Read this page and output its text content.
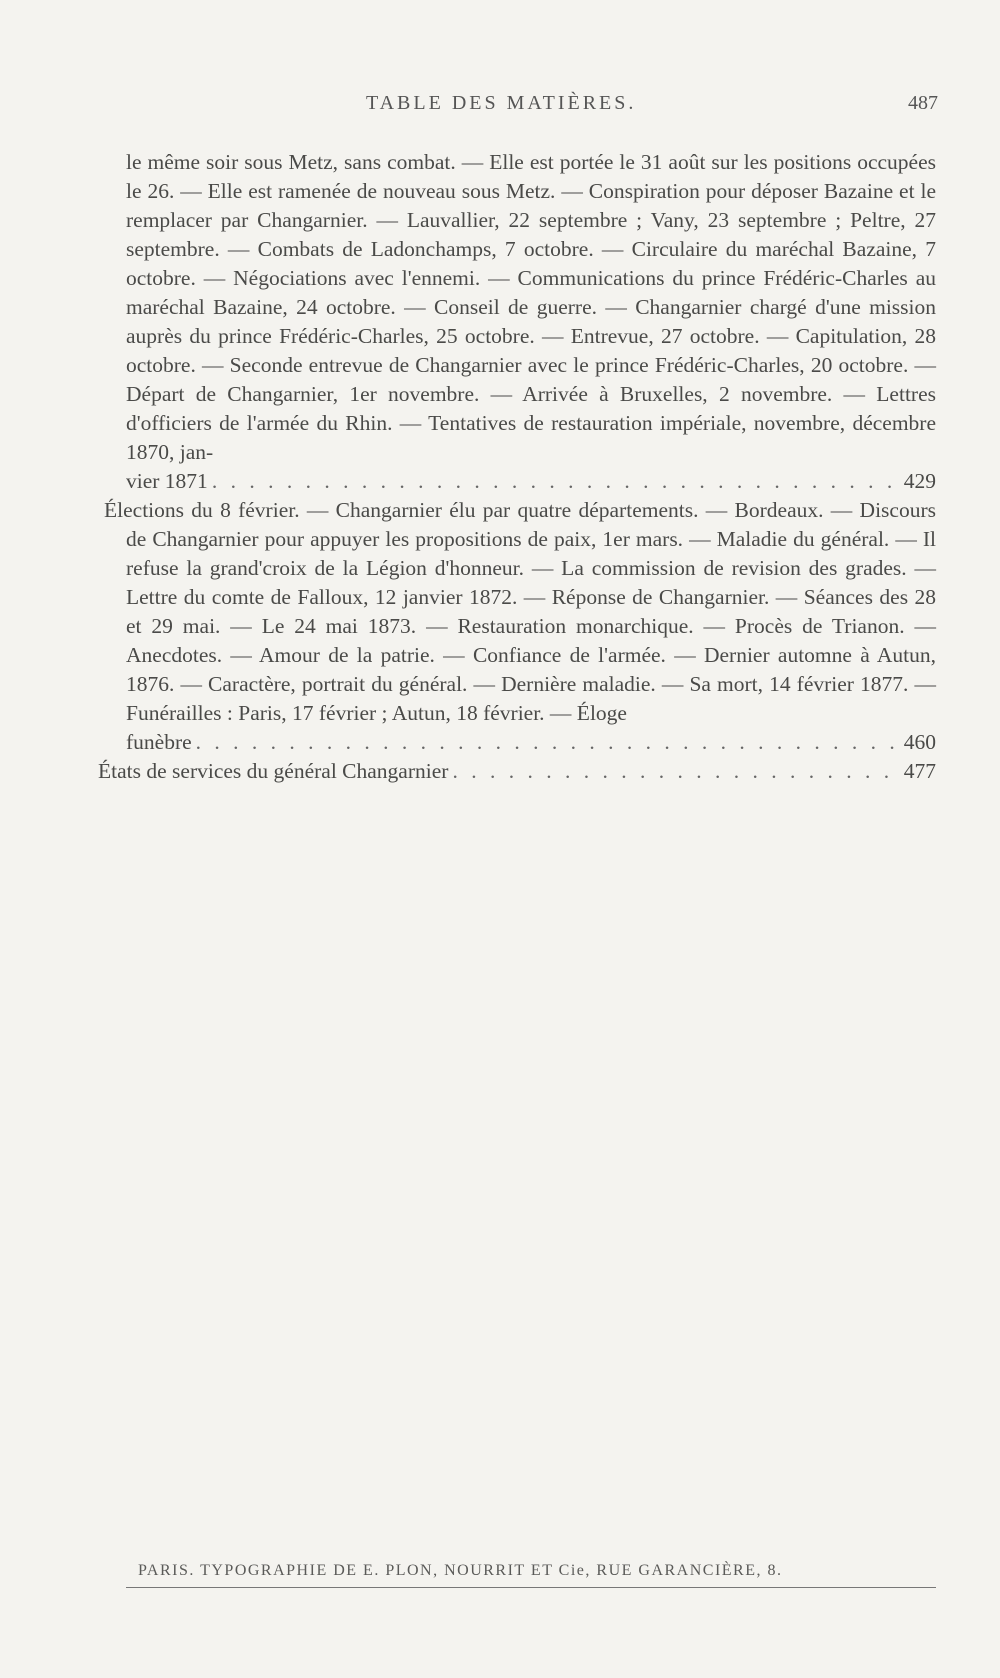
TABLE DES MATIÈRES.	487

le même soir sous Metz, sans combat. — Elle est portée le 31 août sur les positions occupées le 26. — Elle est ramenée de nouveau sous Metz. — Conspiration pour déposer Bazaine et le remplacer par Changarnier. — Lauvallier, 22 septembre ; Vany, 23 septembre ; Peltre, 27 septembre. — Combats de Ladonchamps, 7 octobre. — Circulaire du maréchal Bazaine, 7 octobre. — Négociations avec l'ennemi. — Communications du prince Frédéric-Charles au maréchal Bazaine, 24 octobre. — Conseil de guerre. — Changarnier chargé d'une mission auprès du prince Frédéric-Charles, 25 octobre. — Entrevue, 27 octobre. — Capitulation, 28 octobre. — Seconde entrevue de Changarnier avec le prince Frédéric-Charles, 20 octobre. — Départ de Changarnier, 1er novembre. — Arrivée à Bruxelles, 2 novembre. — Lettres d'officiers de l'armée du Rhin. — Tentatives de restauration impériale, novembre, décembre 1870, jan-

vier 1871 . . .	429

Élections du 8 février. — Changarnier élu par quatre départements. — Bordeaux. — Discours de Changarnier pour appuyer les propositions de paix, 1er mars. — Maladie du général. — Il refuse la grand'croix de la Légion d'honneur. — La commission de revision des grades. — Lettre du comte de Falloux, 12 janvier 1872. — Réponse de Changarnier. — Séances des 28 et 29 mai. — Le 24 mai 1873. — Restauration monarchique. — Procès de Trianon. — Anecdotes. — Amour de la patrie. — Confiance de l'armée. — Dernier automne à Autun, 1876. — Caractère, portrait du général. — Dernière maladie. — Sa mort, 14 février 1877. — Funérailles : Paris, 17 février ; Autun, 18 février. — Éloge

funèbre . . .	460
États de services du général Changarnier . . .	477
PARIS. TYPOGRAPHIE DE E. PLON, NOURRIT ET Cie, RUE GARANCIÈRE, 8.
